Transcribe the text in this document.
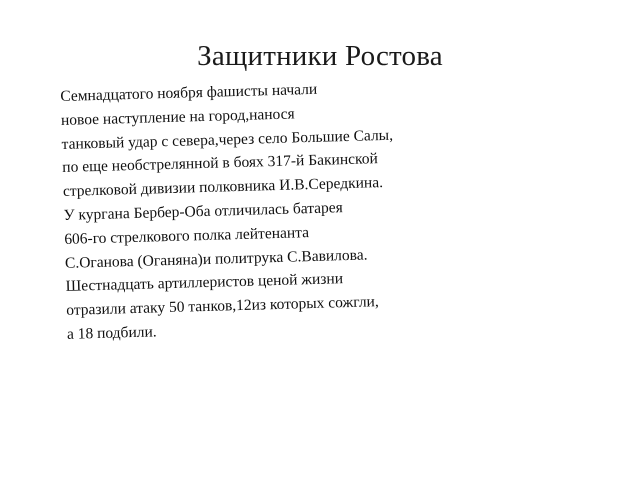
Защитники Ростова
Семнадцатого ноября фашисты начали
новое наступление на город,нанося
танковый удар с севера,через село Большие Салы,
по еще необстрелянной в боях 317-й Бакинской
стрелковой дивизии полковника И.В.Середкина.
У кургана Бербер-Оба отличилась батарея
606-го стрелкового полка лейтенанта
С.Оганова (Оганяна)и политрука С.Вавилова.
Шестнадцать артиллеристов ценой жизни
отразили атаку 50 танков,12из которых сожгли,
а 18 подбили.
